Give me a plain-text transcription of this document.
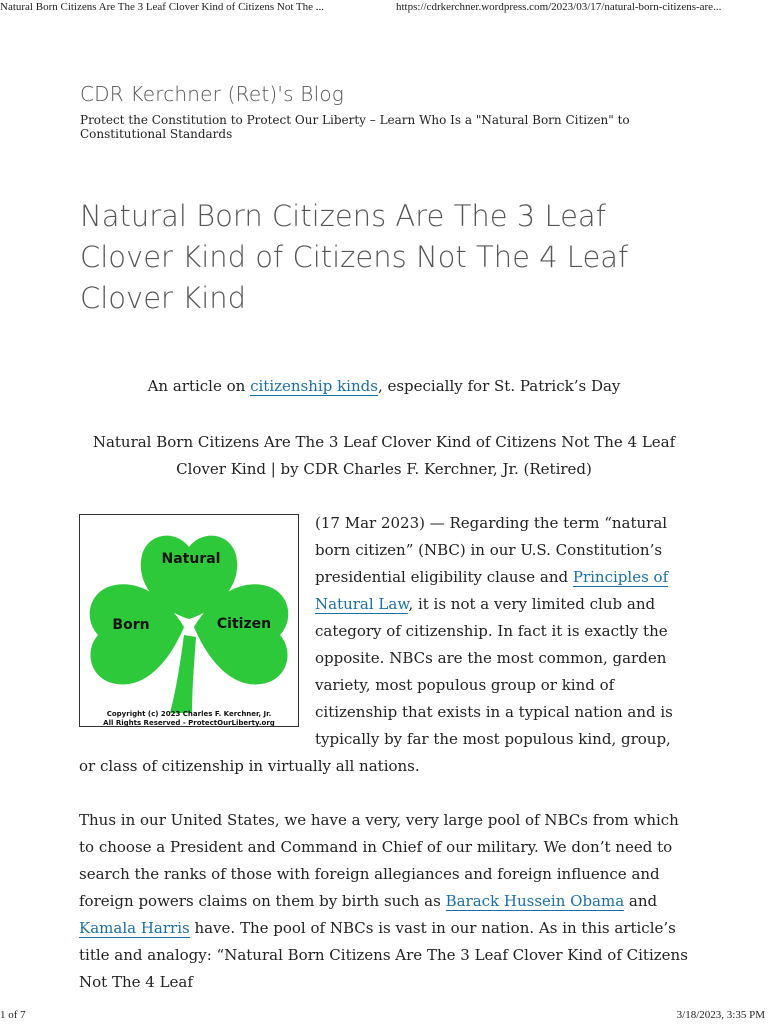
Natural Born Citizens Are The 3 Leaf Clover Kind of Citizens Not The ...	https://cdrkerchner.wordpress.com/2023/03/17/natural-born-citizens-are...
CDR Kerchner (Ret)'s Blog
Protect the Constitution to Protect Our Liberty – Learn Who Is a "Natural Born Citizen" to Constitutional Standards
Natural Born Citizens Are The 3 Leaf Clover Kind of Citizens Not The 4 Leaf Clover Kind
An article on citizenship kinds, especially for St. Patrick’s Day
Natural Born Citizens Are The 3 Leaf Clover Kind of Citizens Not The 4 Leaf Clover Kind | by CDR Charles F. Kerchner, Jr. (Retired)
Natural
Born	Citizen
Copyright (c) 2023 Charles F. Kerchner, Jr.
All Rights Reserved - ProtectOurLiberty.org

(17 Mar 2023) — Regarding the term “natural born citizen” (NBC) in our U.S. Constitution’s presidential eligibility clause and Principles of Natural Law, it is not a very limited club and category of citizenship. In fact it is exactly the opposite. NBCs are the most common, garden variety, most populous group or kind of citizenship that exists in a typical nation and is typically by far the most populous kind, group, or class of citizenship in virtually all nations.

Thus in our United States, we have a very, very large pool of NBCs from which to choose a President and Command in Chief of our military. We don’t need to search the ranks of those with foreign allegiances and foreign influence and foreign powers claims on them by birth such as Barack Hussein Obama and Kamala Harris have. The pool of NBCs is vast in our nation. As in this article’s title and analogy: “Natural Born Citizens Are The 3 Leaf Clover Kind of Citizens Not The 4 Leaf

1 of 7	3/18/2023, 3:35 PM
